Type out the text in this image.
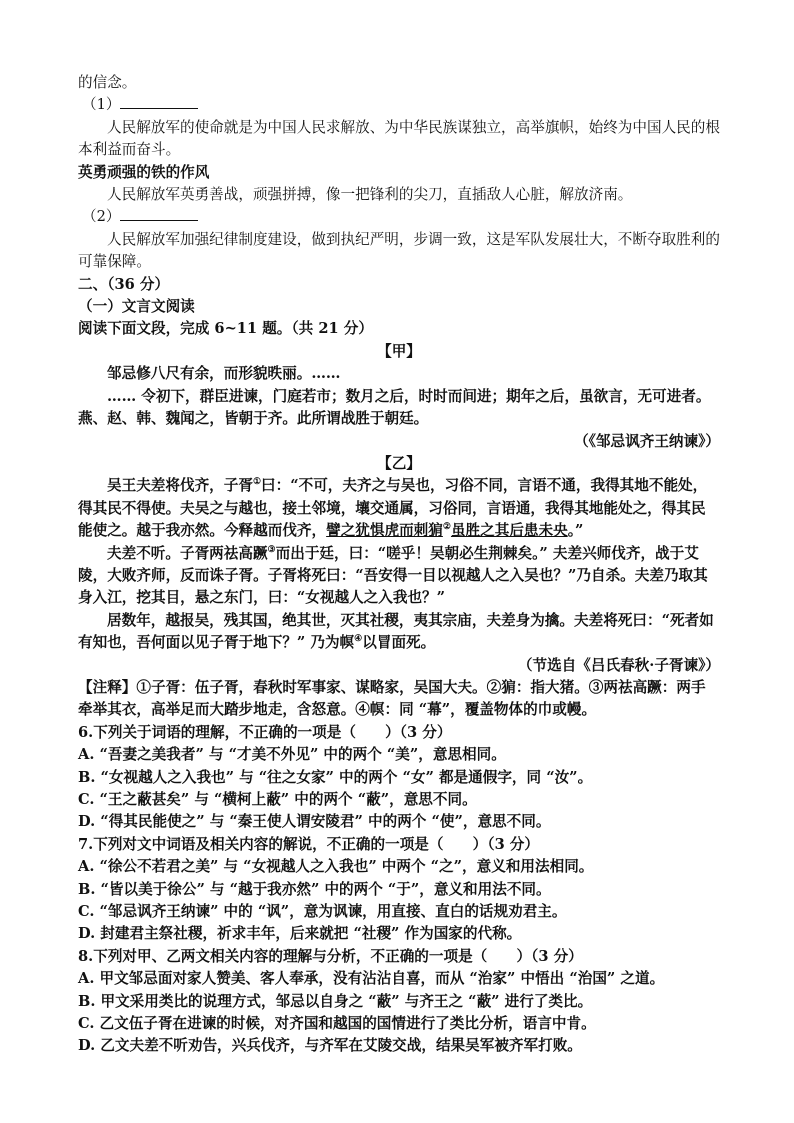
的信念。

（1）

人民解放军的使命就是为中国人民求解放、为中华民族谋独立，高举旗帜，始终为中国人民的根本利益而奋斗。

英勇顽强的铁的作风

人民解放军英勇善战，顽强拼搏，像一把锋利的尖刀，直插敌人心脏，解放济南。

（2）

人民解放军加强纪律制度建设，做到执纪严明，步调一致，这是军队发展壮大，不断夺取胜利的可靠保障。

二、（36 分）

（一）文言文阅读

阅读下面文段，完成 6~11 题。（共 21 分）

【甲】

邹忌修八尺有余，而形貌昳丽。……

…… 令初下，群臣进谏，门庭若市；数月之后，时时而间进；期年之后，虽欲言，无可进者。燕、赵、韩、魏闻之，皆朝于齐。此所谓战胜于朝廷。

（《邹忌讽齐王纳谏》）

【乙】

吴王夫差将伐齐，子胥①曰：“不可，夫齐之与吴也，习俗不同，言语不通，我得其地不能处，得其民不得使。夫吴之与越也，接土邻境，壤交通属，习俗同，言语通，我得其地能处之，得其民能使之。越于我亦然。今释越而伐齐，譬之犹惧虎而刺猏②虽胜之其后患未央。”

夫差不听。子胥两祛高蹶③而出于廷，曰：“嗟乎！吴朝必生荆棘矣。” 夫差兴师伐齐，战于艾陵，大败齐师，反而诛子胥。子胥将死曰：“吾安得一目以视越人之入吴也？”乃自杀。夫差乃取其身入江，挖其目，悬之东门，曰：“女视越人之入我也？”

居数年，越报吴，残其国，绝其世，灭其社稷，夷其宗庙，夫差身为擒。夫差将死曰：“死者如有知也，吾何面以见子胥于地下？” 乃为幎④以冒面死。

（节选自《吕氏春秋·子胥谏》）

【注释】①子胥：伍子胥，春秋时军事家、谋略家，吴国大夫。②猏：指大猪。③两祛高蹶：两手牵举其衣，高举足而大踏步地走，含怒意。④幎：同 “幕”，覆盖物体的巾或幔。

6.下列关于词语的理解，不正确的一项是（　　）（3 分）

A. “吾妻之美我者” 与 “才美不外见” 中的两个 “美”，意思相同。

B. “女视越人之入我也” 与 “往之女家” 中的两个 “女” 都是通假字，同 “汝”。

C. “王之蔽甚矣” 与 “横柯上蔽” 中的两个 “蔽”，意思不同。

D. “得其民能使之” 与 “秦王使人谓安陵君” 中的两个 “使”，意思不同。

7.下列对文中词语及相关内容的解说，不正确的一项是（　　）（3 分）

A. “徐公不若君之美” 与 “女视越人之入我也” 中两个 “之”，意义和用法相同。

B. “皆以美于徐公” 与 “越于我亦然” 中的两个 “于”，意义和用法不同。

C. “邹忌讽齐王纳谏” 中的 “讽”，意为讽谏，用直接、直白的话规劝君主。

D. 封建君主祭社稷，祈求丰年，后来就把 “社稷” 作为国家的代称。

8.下列对甲、乙两文相关内容的理解与分析，不正确的一项是（　　）（3 分）

A. 甲文邹忌面对家人赞美、客人奉承，没有沾沾自喜，而从 “治家” 中悟出 “治国” 之道。

B. 甲文采用类比的说理方式，邹忌以自身之 “蔽” 与齐王之 “蔽” 进行了类比。

C. 乙文伍子胥在进谏的时候，对齐国和越国的国情进行了类比分析，语言中肯。

D. 乙文夫差不听劝告，兴兵伐齐，与齐军在艾陵交战，结果吴军被齐军打败。
